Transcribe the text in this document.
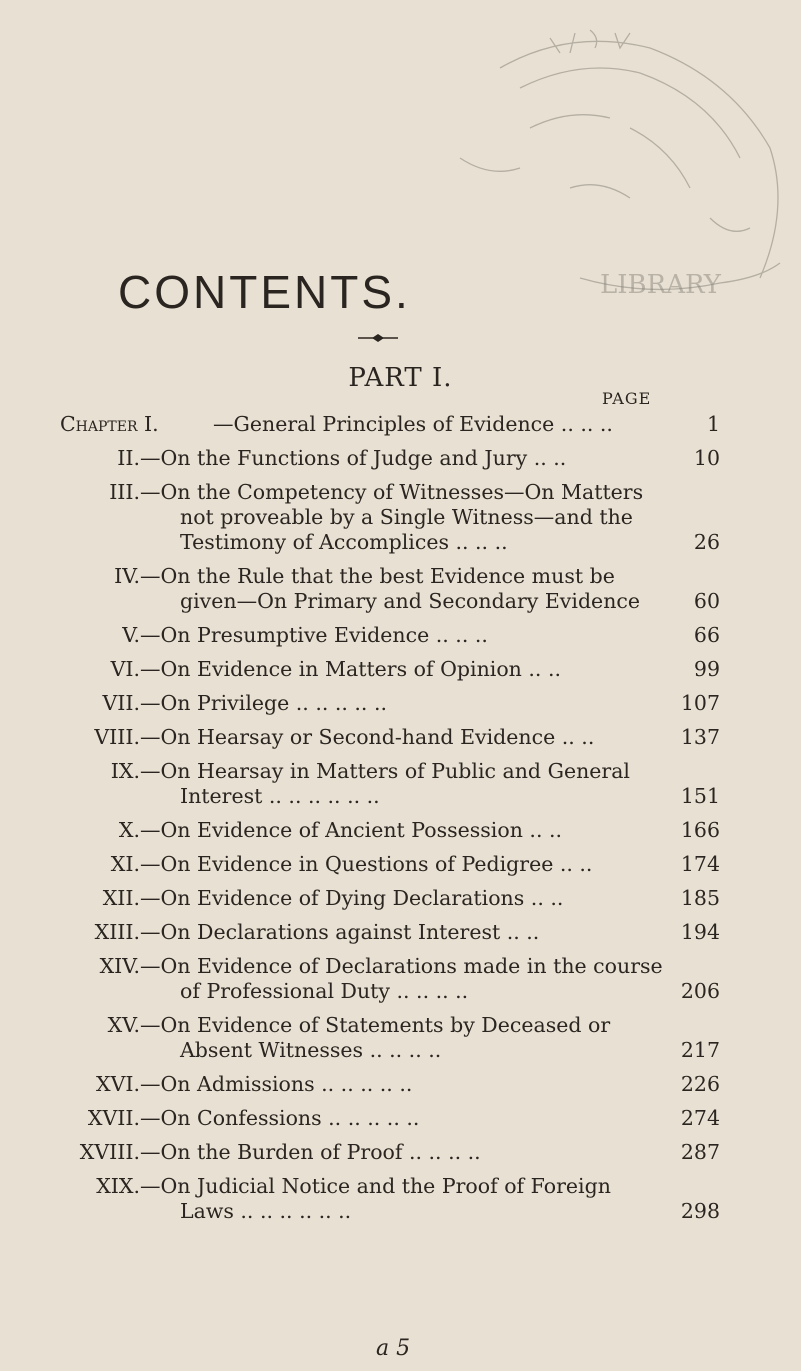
LIBRARY
CONTENTS.
PART I.
PAGE
Chapter I.	—General Principles of Evidence .. .. ..	1
II. —On the Functions of Judge and Jury .. ..	10
III. —On the Competency of Witnesses—On Matters
not proveable by a Single Witness—and the
Testimony of Accomplices .. .. ..	26
IV. —On the Rule that the best Evidence must be
given—On Primary and Secondary Evidence	60
V. —On Presumptive Evidence .. .. ..	66
VI. —On Evidence in Matters of Opinion .. ..	99
VII. —On Privilege .. .. .. .. ..	107
VIII. —On Hearsay or Second-hand Evidence .. ..	137
IX. —On Hearsay in Matters of Public and General
Interest .. .. .. .. .. ..	151
X. —On Evidence of Ancient Possession .. ..	166
XI. —On Evidence in Questions of Pedigree .. ..	174
XII. —On Evidence of Dying Declarations .. ..	185
XIII. —On Declarations against Interest .. ..	194
XIV. —On Evidence of Declarations made in the course
of Professional Duty .. .. .. ..	206
XV. —On Evidence of Statements by Deceased or
Absent Witnesses .. .. .. ..	217
XVI. —On Admissions .. .. .. .. ..	226
XVII. —On Confessions .. .. .. .. ..	274
XVIII. —On the Burden of Proof .. .. .. ..	287
XIX. —On Judicial Notice and the Proof of Foreign
Laws .. .. .. .. .. ..	298
a 5
